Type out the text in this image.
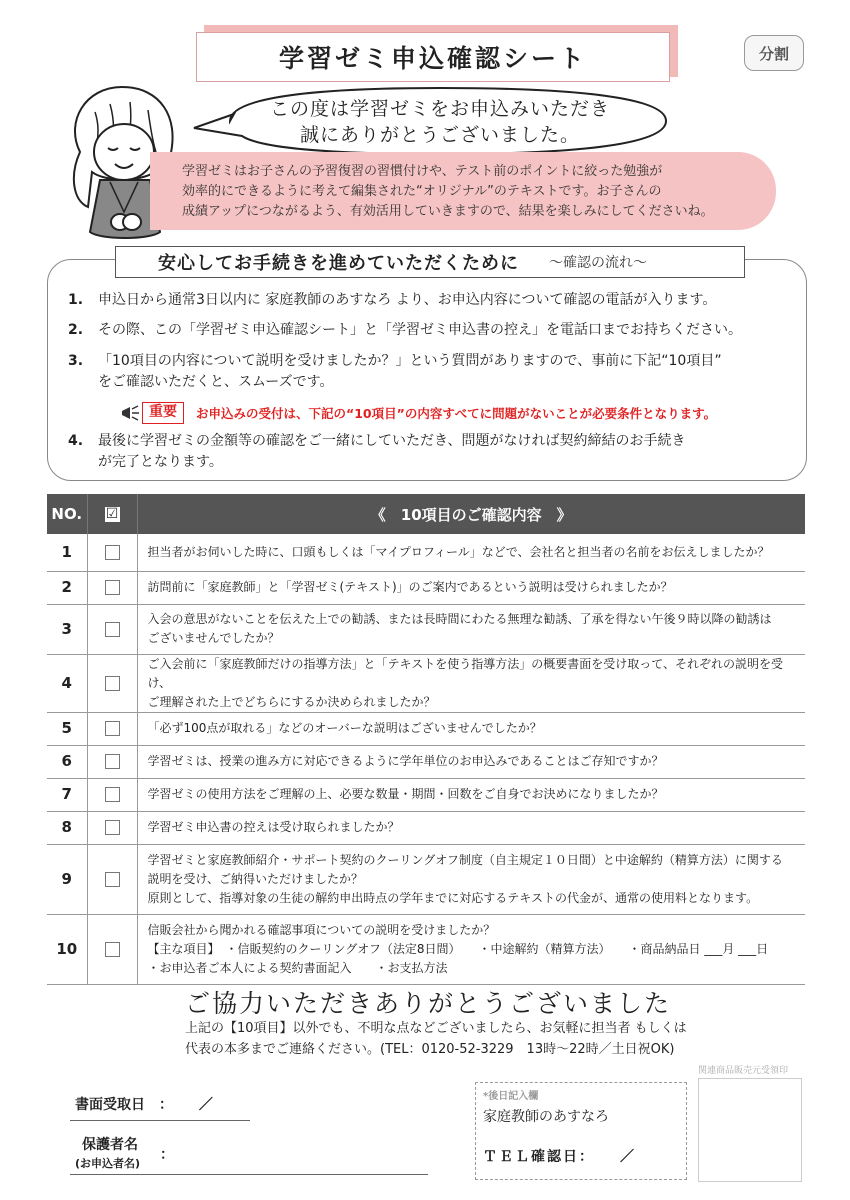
学習ゼミ申込確認シート	分割
この度は学習ゼミをお申込みいただき
誠にありがとうございました。
学習ゼミはお子さんの予習復習の習慣付けや、テスト前のポイントに絞った勉強が
効率的にできるように考えて編集された“オリジナル”のテキストです。お子さんの
成績アップにつながるよう、有効活用していきますので、結果を楽しみにしてくださいね。
安心してお手続きを進めていただくために ～確認の流れ～
1. 申込日から通常3日以内に 家庭教師のあすなろ より、お申込内容について確認の電話が入ります。
2. その際、この「学習ゼミ申込確認シート」と「学習ゼミ申込書の控え」を電話口までお持ちください。
3. 「10項目の内容について説明を受けましたか？」という質問がありますので、事前に下記“10項目”
をご確認いただくと、スムーズです。
重要	お申込みの受付は、下記の“10項目”の内容すべてに問題がないことが必要条件となります。
4. 最後に学習ゼミの金額等の確認をご一緒にしていただき、問題がなければ契約締結のお手続き
が完了となります。
NO.	☑	《　10項目のご確認内容　》
1		担当者がお伺いした時に、口頭もしくは「マイプロフィール」などで、会社名と担当者の名前をお伝えしましたか？

2		訪問前に「家庭教師」と「学習ゼミ(テキスト)」のご案内であるという説明は受けられましたか？

3		入会の意思がないことを伝えた上での勧誘、または長時間にわたる無理な勧誘、了承を得ない午後９時以降の勧誘は
ございませんでしたか？

4		ご入会前に「家庭教師だけの指導方法」と「テキストを使う指導方法」の概要書面を受け取って、それぞれの説明を受け、
ご理解された上でどちらにするか決められましたか？

5		「必ず100点が取れる」などのオーバーな説明はございませんでしたか？

6		学習ゼミは、授業の進み方に対応できるように学年単位のお申込みであることはご存知ですか？

7		学習ゼミの使用方法をご理解の上、必要な数量・期間・回数をご自身でお決めになりましたか？

8		学習ゼミ申込書の控えは受け取られましたか？

9		学習ゼミと家庭教師紹介・サポート契約のクーリングオフ制度（自主規定１０日間）と中途解約（精算方法）に関する
説明を受け、ご納得いただけましたか？
原則として、指導対象の生徒の解約申出時点の学年までに対応するテキストの代金が、通常の使用料となります。

10		信販会社から聞かれる確認事項についての説明を受けましたか？
【主な項目】　・信販契約のクーリングオフ（法定8日間）　　・中途解約（精算方法）　　・商品納品日 ___月 ___日
・お申込者ご本人による契約書面記入　　・お支払方法
ご協力いただきありがとうございました
上記の【10項目】以外でも、不明な点などございましたら、お気軽に担当者 もしくは
代表の本多までご連絡ください。(TEL：0120-52-3229　13時～22時／土日祝OK)
関連商品販売元受領印
書面受取日　：　　 ／
保護者名
(お申込者名)
：
*後日記入欄
家庭教師のあすなろ
ＴＥＬ確認日：　　／
